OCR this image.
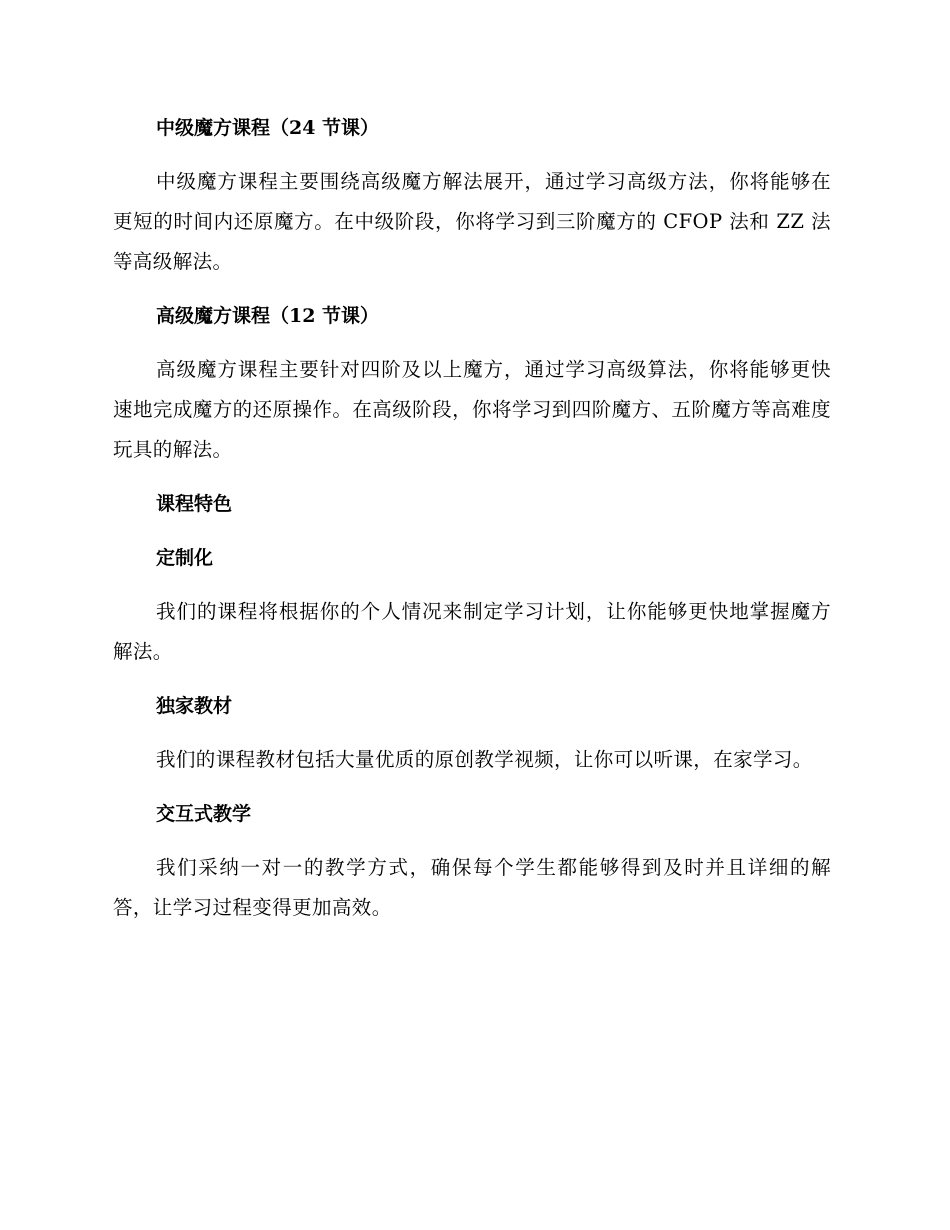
中级魔方课程（24 节课）

中级魔方课程主要围绕高级魔方解法展开，通过学习高级方法，你将能够在更短的时间内还原魔方。在中级阶段，你将学习到三阶魔方的 CFOP 法和 ZZ 法等高级解法。

高级魔方课程（12 节课）

高级魔方课程主要针对四阶及以上魔方，通过学习高级算法，你将能够更快速地完成魔方的还原操作。在高级阶段，你将学习到四阶魔方、五阶魔方等高难度玩具的解法。

课程特色

定制化

我们的课程将根据你的个人情况来制定学习计划，让你能够更快地掌握魔方解法。

独家教材

我们的课程教材包括大量优质的原创教学视频，让你可以听课，在家学习。

交互式教学

我们采纳一对一的教学方式，确保每个学生都能够得到及时并且详细的解答，让学习过程变得更加高效。
